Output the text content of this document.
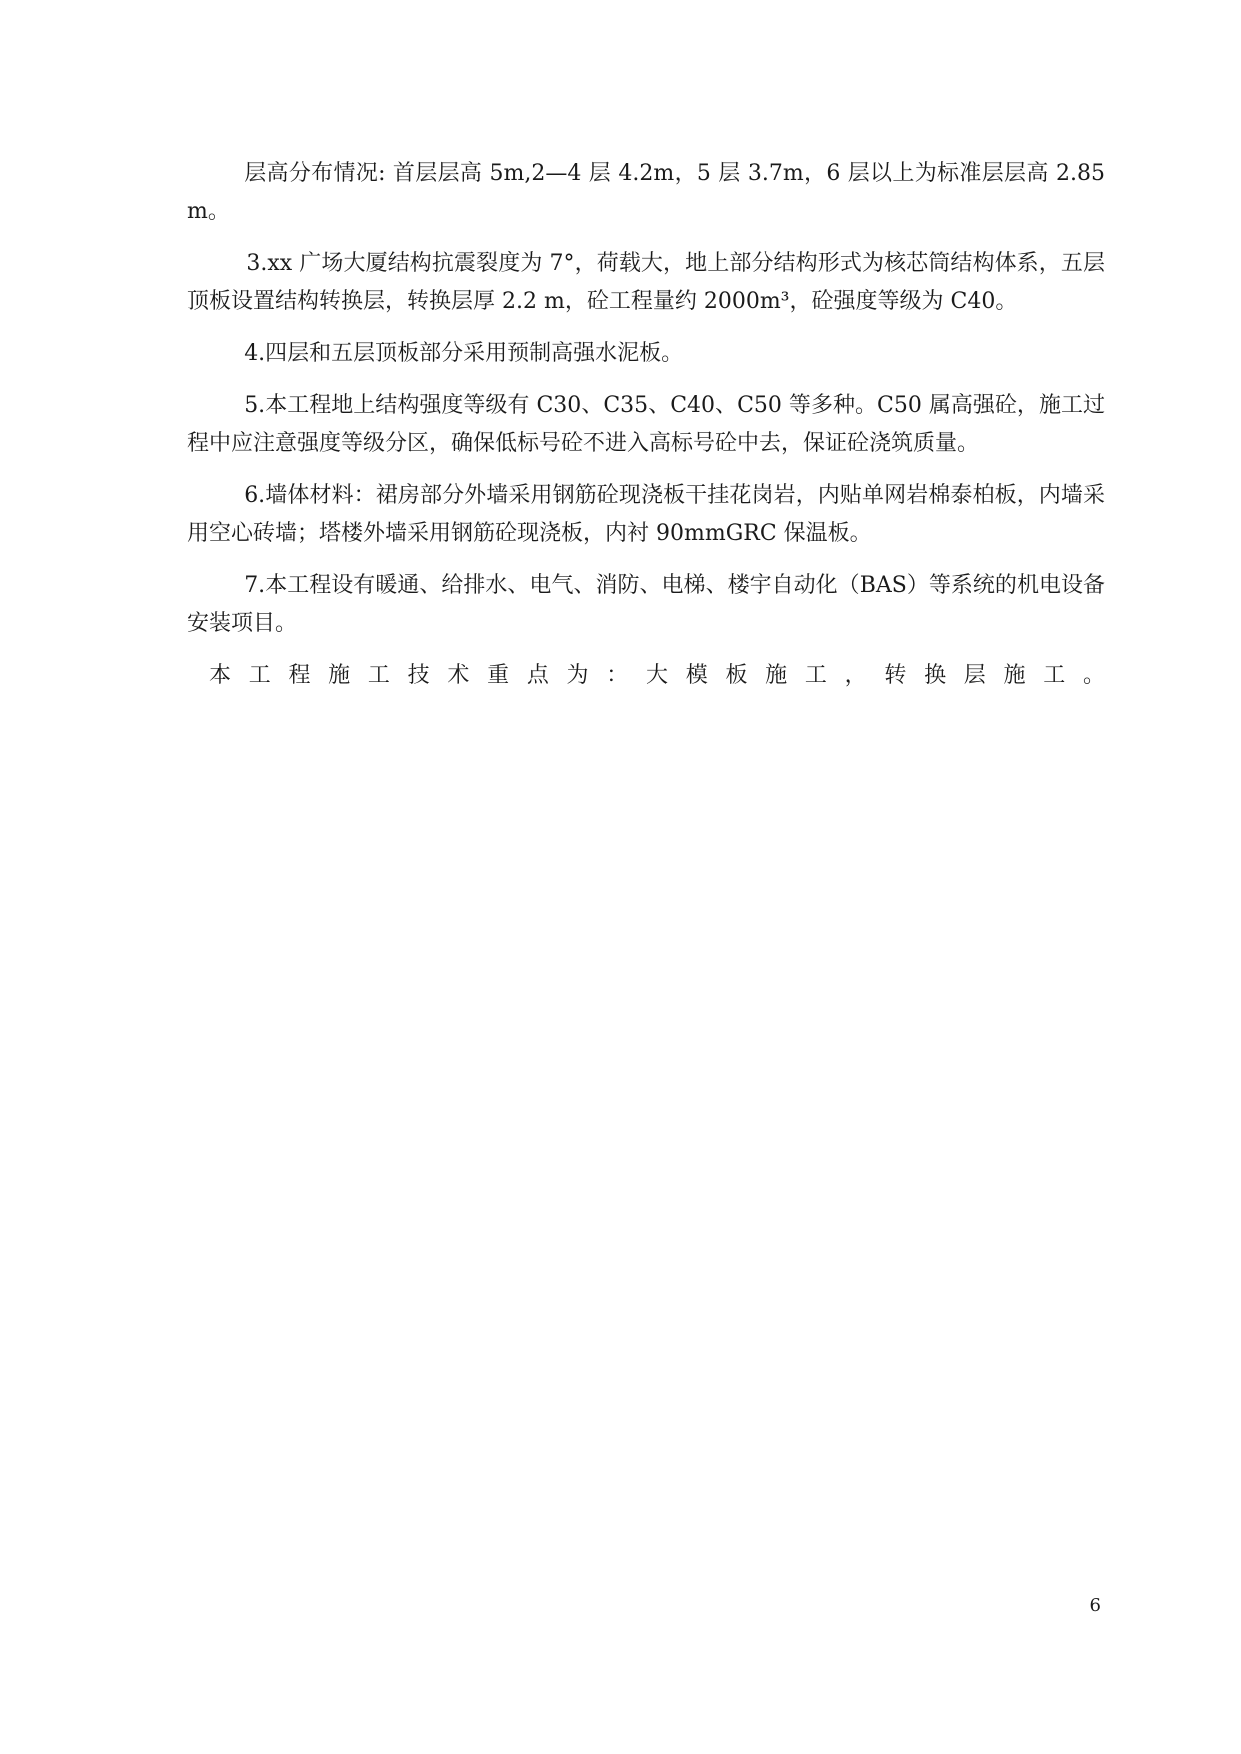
层高分布情况: 首层层高 5m,2—4 层 4.2m，5 层 3.7m，6 层以上为标准层层高 2.85m。

3.xx 广场大厦结构抗震裂度为 7°，荷载大，地上部分结构形式为核芯筒结构体系，五层顶板设置结构转换层，转换层厚 2.2 m，砼工程量约 2000m³，砼强度等级为 C40。

4.四层和五层顶板部分采用预制高强水泥板。

5.本工程地上结构强度等级有 C30、C35、C40、C50 等多种。C50 属高强砼，施工过程中应注意强度等级分区，确保低标号砼不进入高标号砼中去，保证砼浇筑质量。

6.墙体材料：裙房部分外墙采用钢筋砼现浇板干挂花岗岩，内贴单网岩棉泰柏板，内墙采用空心砖墙；塔楼外墙采用钢筋砼现浇板，内衬 90mmGRC 保温板。

7.本工程设有暖通、给排水、电气、消防、电梯、楼宇自动化（BAS）等系统的机电设备安装项目。

本工程施工技术重点为：大模板施工，转换层施工。

6
